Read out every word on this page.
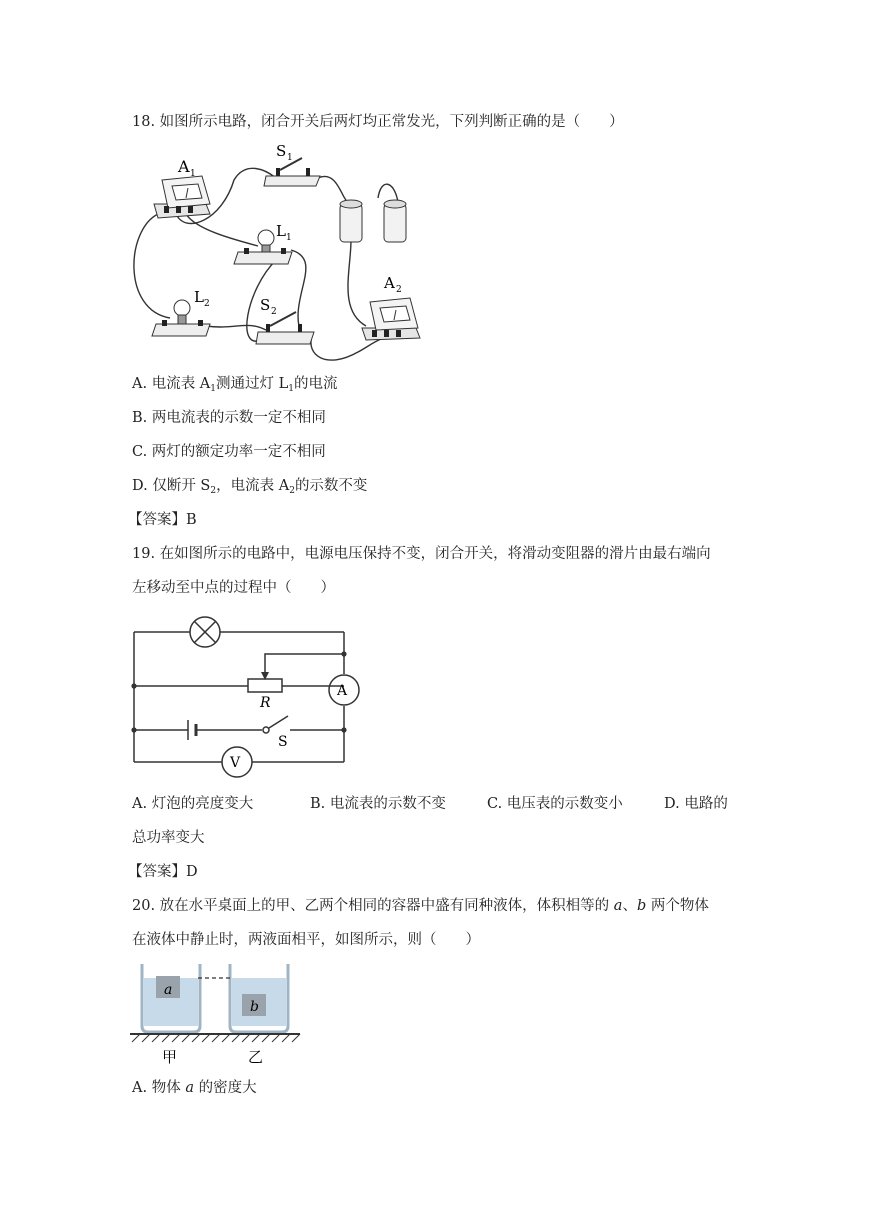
18. 如图所示电路，闭合开关后两灯均正常发光，下列判断正确的是（　　）
A 1
S 1
L 1
L 2	S 2
A 2
A. 电流表 $A_1$测通过灯 $L_1$的电流
B. 两电流表的示数一定不相同
C. 两灯的额定功率一定不相同
D. 仅断开 $S_2$，电流表 $A_2$的示数不变
【答案】B
19. 在如图所示的电路中，电源电压保持不变，闭合开关，将滑动变阻器的滑片由最右端向
左移动至中点的过程中（　　）
R
A
S
V
A. 灯泡的亮度变大	B. 电流表的示数不变	C. 电压表的示数变小	D. 电路的
总功率变大
【答案】D
20. 放在水平桌面上的甲、乙两个相同的容器中盛有同种液体，体积相等的 a、b 两个物体
在液体中静止时，两液面相平，如图所示，则（　　）
a
b
甲	乙
A. 物体 a 的密度大
